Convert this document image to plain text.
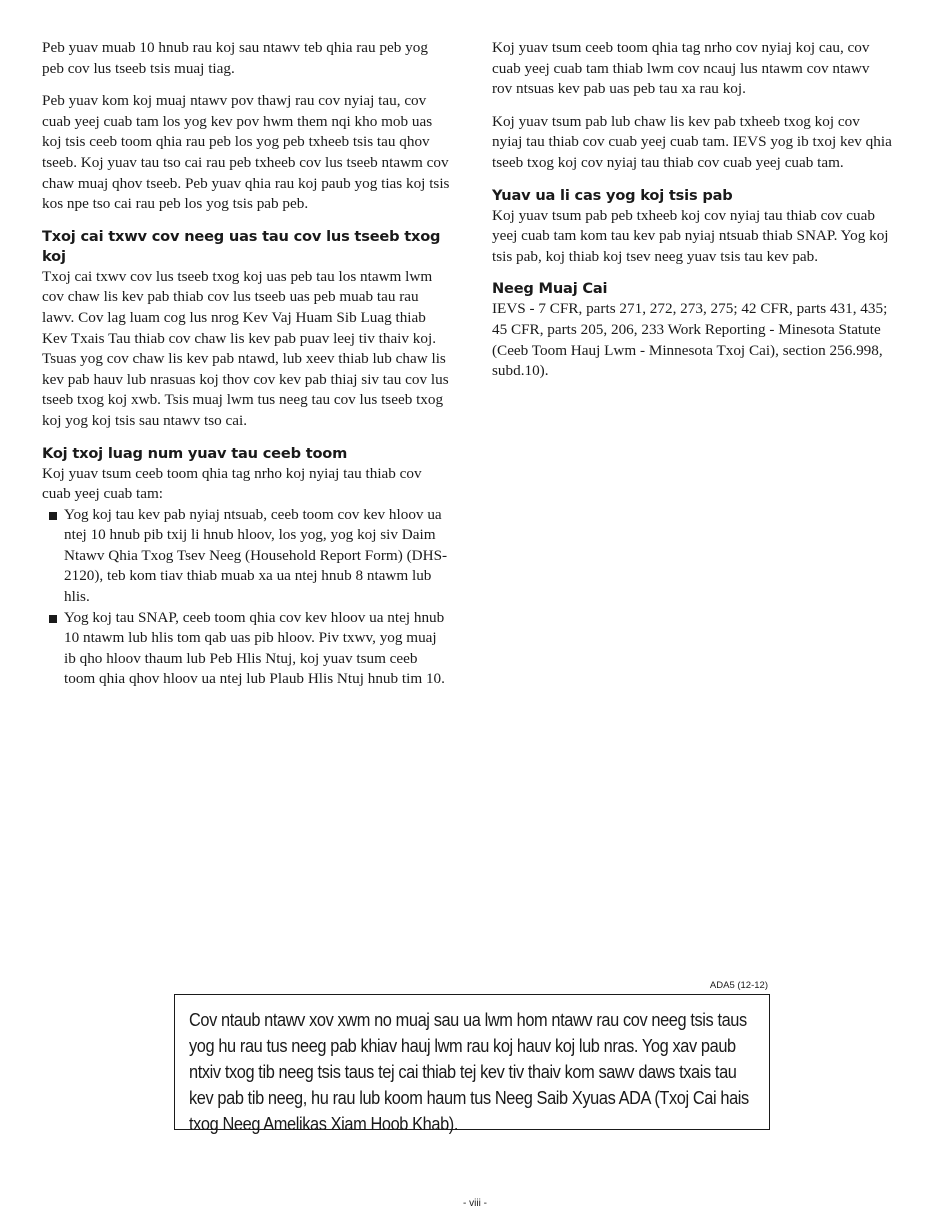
Peb yuav muab 10 hnub rau koj sau ntawv teb qhia rau peb yog peb cov lus tseeb tsis muaj tiag.

Peb yuav kom koj muaj ntawv pov thawj rau cov nyiaj tau, cov cuab yeej cuab tam los yog kev pov hwm them nqi kho mob uas koj tsis ceeb toom qhia rau peb los yog peb txheeb tsis tau qhov tseeb. Koj yuav tau tso cai rau peb txheeb cov lus tseeb ntawm cov chaw muaj qhov tseeb. Peb yuav qhia rau koj paub yog tias koj tsis kos npe tso cai rau peb los yog tsis pab peb.

Txoj cai txwv cov neeg uas tau cov lus tseeb txog koj

Txoj cai txwv cov lus tseeb txog koj uas peb tau los ntawm lwm cov chaw lis kev pab thiab cov lus tseeb uas peb muab tau rau lawv. Cov lag luam cog lus nrog Kev Vaj Huam Sib Luag thiab Kev Txais Tau thiab cov chaw lis kev pab puav leej tiv thaiv koj. Tsuas yog cov chaw lis kev pab ntawd, lub xeev thiab lub chaw lis kev pab hauv lub nrasuas koj thov cov kev pab thiaj siv tau cov lus tseeb txog koj xwb. Tsis muaj lwm tus neeg tau cov lus tseeb txog koj yog koj tsis sau ntawv tso cai.

Koj txoj luag num yuav tau ceeb toom

Koj yuav tsum ceeb toom qhia tag nrho koj nyiaj tau thiab cov cuab yeej cuab tam:

Yog koj tau kev pab nyiaj ntsuab, ceeb toom cov kev hloov ua ntej 10 hnub pib txij li hnub hloov, los yog, yog koj siv Daim Ntawv Qhia Txog Tsev Neeg (Household Report Form) (DHS-2120), teb kom tiav thiab muab xa ua ntej hnub 8 ntawm lub hlis.
Yog koj tau SNAP, ceeb toom qhia cov kev hloov ua ntej hnub 10 ntawm lub hlis tom qab uas pib hloov. Piv txwv, yog muaj ib qho hloov thaum lub Peb Hlis Ntuj, koj yuav tsum ceeb toom qhia qhov hloov ua ntej lub Plaub Hlis Ntuj hnub tim 10.

Koj yuav tsum ceeb toom qhia tag nrho cov nyiaj koj cau, cov cuab yeej cuab tam thiab lwm cov ncauj lus ntawm cov ntawv rov ntsuas kev pab uas peb tau xa rau koj.

Koj yuav tsum pab lub chaw lis kev pab txheeb txog koj cov nyiaj tau thiab cov cuab yeej cuab tam. IEVS yog ib txoj kev qhia tseeb txog koj cov nyiaj tau thiab cov cuab yeej cuab tam.

Yuav ua li cas yog koj tsis pab

Koj yuav tsum pab peb txheeb koj cov nyiaj tau thiab cov cuab yeej cuab tam kom tau kev pab nyiaj ntsuab thiab SNAP. Yog koj tsis pab, koj thiab koj tsev neeg yuav tsis tau kev pab.

Neeg Muaj Cai

IEVS - 7 CFR, parts 271, 272, 273, 275; 42 CFR, parts 431, 435; 45 CFR, parts 205, 206, 233 Work Reporting - Minesota Statute (Ceeb Toom Hauj Lwm - Minnesota Txoj Cai), section 256.998, subd.10).

ADA5 (12-12)
Cov ntaub ntawv xov xwm no muaj sau ua lwm hom ntawv rau cov neeg tsis taus yog hu rau tus neeg pab khiav hauj lwm rau koj hauv koj lub nras. Yog xav paub ntxiv txog tib neeg tsis taus tej cai thiab tej kev tiv thaiv kom sawv daws txais tau kev pab tib neeg, hu rau lub koom haum tus Neeg Saib Xyuas ADA (Txoj Cai hais txog Neeg Amelikas Xiam Hoob Khab).
- viii -
